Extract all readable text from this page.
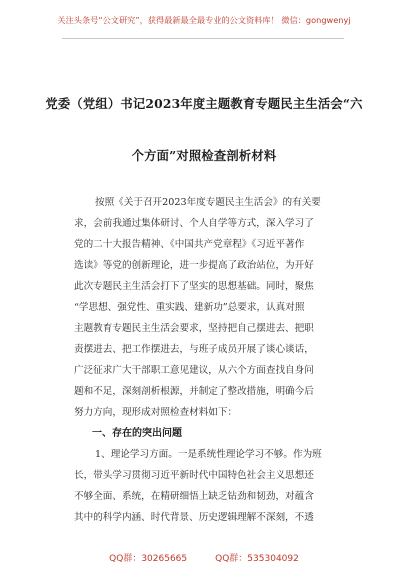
关注头条号“公文研究”，获得最新最全最专业的公文资料库！ 微信：gongwenyj
党委（党组）书记2023年度主题教育专题民主生活会“六
个方面”对照检查剖析材料
按照《关于召开2023年度专题民主生活会》的有关要
求，会前我通过集体研讨、个人自学等方式，深入学习了
党的二十大报告精神、《中国共产党章程》《习近平著作
选读》等党的创新理论，进一步提高了政治站位，为开好
此次专题民主生活会打下了坚实的思想基础。同时，聚焦
“学思想、强党性、重实践、建新功”总要求，认真对照
主题教育专题民主生活会要求，坚持把自己摆进去、把职
责摆进去、把工作摆进去，与班子成员开展了谈心谈话，
广泛征求广大干部职工意见建议，从六个方面查找自身问
题和不足，深刻剖析根源，并制定了整改措施，明确今后
努力方向，现形成对照检查材料如下：
一、存在的突出问题
1、理论学习方面。一是系统性理论学习不够。作为班
长，带头学习贯彻习近平新时代中国特色社会主义思想还
不够全面、系统，在精研细悟上缺乏钻劲和韧劲，对蕴含
其中的科学内涵、时代背景、历史逻辑理解不深刻，不透
QQ群：30265665	QQ群：535304092
